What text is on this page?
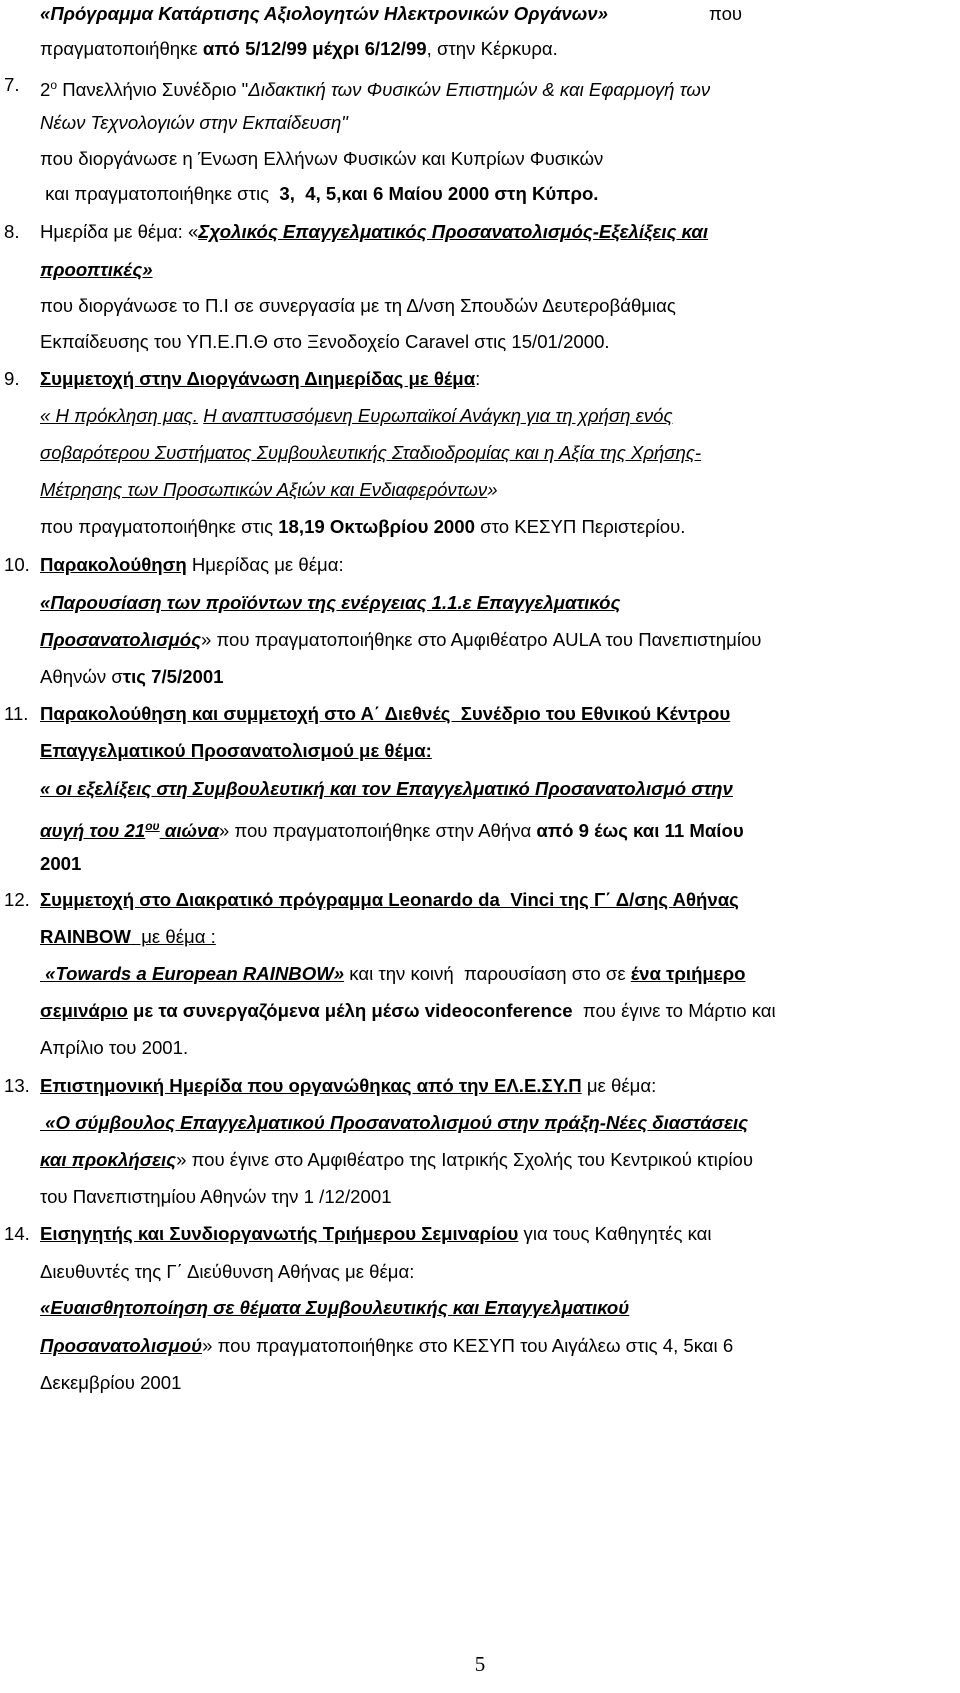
«Πρόγραμμα Κατάρτισης Αξιολογητών Ηλεκτρονικών Οργάνων»	που
πραγματοποιήθηκε από 5/12/99 μέχρι 6/12/99, στην Κέρκυρα.
7. $2^o$ Πανελλήνιο Συνέδριο "Διδακτική των Φυσικών Επιστημών & και Εφαρμογή των
Νέων Τεχνολογιών στην Εκπαίδευση"
που διοργάνωσε η Ένωση Ελλήνων Φυσικών και Κυπρίων Φυσικών
και πραγματοποιήθηκε στις  3,  4, 5,και 6 Μαίου 2000 στη Κύπρο.
8. Ημερίδα με θέμα: «Σχολικός Επαγγελματικός Προσανατολισμός-Εξελίξεις και
προοπτικές»
που διοργάνωσε το Π.Ι σε συνεργασία με τη Δ/νση Σπουδών Δευτεροβάθμιας
Εκπαίδευσης του ΥΠ.Ε.Π.Θ στο Ξενοδοχείο Caravel στις 15/01/2000.
9. Συμμετοχή στην Διοργάνωση Διημερίδας με θέμα:
« Η πρόκληση μας. Η αναπτυσσόμενη Ευρωπαϊκοί Ανάγκη για τη χρήση ενός
σοβαρότερου Συστήματος Συμβουλευτικής Σταδιοδρομίας και η Αξία της Χρήσης-
Μέτρησης των Προσωπικών Αξιών και Ενδιαφερόντων»
που πραγματοποιήθηκε στις 18,19 Οκτωβρίου 2000 στο ΚΕΣΥΠ Περιστερίου.
10. Παρακολούθηση Ημερίδας με θέμα:
«Παρουσίαση των προϊόντων της ενέργειας 1.1.ε Επαγγελματικός
Προσανατολισμός» που πραγματοποιήθηκε στο Αμφιθέατρο AULA του Πανεπιστημίου
Αθηνών στις 7/5/2001
11. Παρακολούθηση και συμμετοχή στο Α΄ Διεθνές  Συνέδριο του Εθνικού Κέντρου
Επαγγελματικού Προσανατολισμού με θέμα:
« οι εξελίξεις στη Συμβουλευτική και τον Επαγγελματικό Προσανατολισμό στην
αυγή του $21^{o\upsilon}$ αιώνα» που πραγματοποιήθηκε στην Αθήνα από 9 έως και 11 Μαίου
2001
12. Συμμετοχή στο Διακρατικό πρόγραμμα Leonardo da  Vinci της Γ΄ Δ/σης Αθήνας
RAINBOW  με θέμα :
«Towards a European RAINBOW» και την κοινή  παρουσίαση στο σε ένα τριήμερο
σεμινάριο με τα συνεργαζόμενα μέλη μέσω videoconference  που έγινε το Μάρτιο και
Απρίλιο του 2001.
13. Επιστημονική Ημερίδα που οργανώθηκας από την ΕΛ.Ε.ΣΥ.Π με θέμα:
«Ο σύμβουλος Επαγγελματικού Προσανατολισμού στην πράξη-Νέες διαστάσεις
και προκλήσεις» που έγινε στο Αμφιθέατρο της Ιατρικής Σχολής του Κεντρικού κτιρίου
του Πανεπιστημίου Αθηνών την 1 /12/2001
14. Εισηγητής και Συνδιοργανωτής Τριήμερου Σεμιναρίου για τους Καθηγητές και
Διευθυντές της Γ΄ Διεύθυνση Αθήνας με θέμα:
«Ευαισθητοποίηση σε θέματα Συμβουλευτικής και Επαγγελματικού
Προσανατολισμού» που πραγματοποιήθηκε στο ΚΕΣΥΠ του Αιγάλεω στις 4, 5και 6
Δεκεμβρίου 2001
5
